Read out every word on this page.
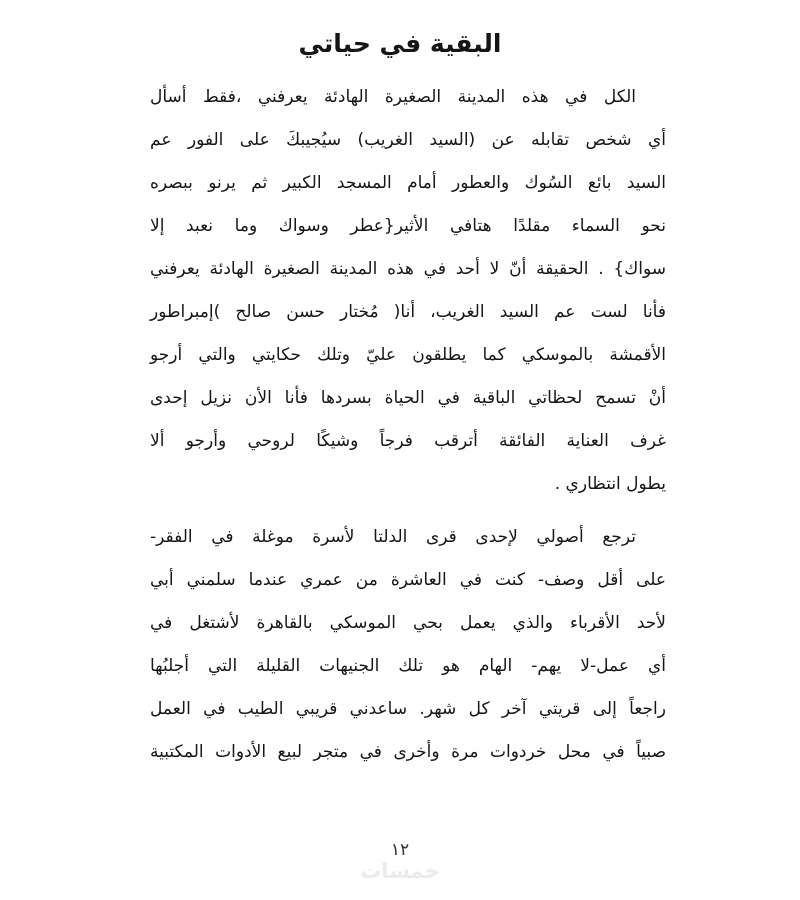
البقية في حياتي
الكل في هذه المدينة الصغيرة الهادئة يعرفني ،فقط أسأل
أي شخص تقابله عن (السيد الغريب) سيُجيبكَ على الفور عم
السيد بائع السُوك والعطور أمام المسجد الكبير ثم يرنو ببصره
نحو السماء مقلدًا هتافي الأثير{عطر وسواك وما نعبد إلا
سواك} . الحقيقة أنّ لا أحد في هذه المدينة الصغيرة الهادئة يعرفني
فأنا لست عم السيد الغريب، أنا( مُختار حسن صالح )إمبراطور
الأقمشة بالموسكي كما يطلقون عليّ وتلك حكايتي والتي أرجو
أنْ تسمح لحظاتي الباقية في الحياة بسردها فأنا الأن نزيل إحدى
غرف العناية الفائقة أترقب فرجاً وشيكًا لروحي وأرجو ألا
يطول انتظاري .
ترجع أصولي لإحدى قرى الدلتا لأسرة موغلة في الفقر-
على أقل وصف- كنت في العاشرة من عمري عندما سلمني أبي
لأحد الأقرباء والذي يعمل بحي الموسكي بالقاهرة لأشتغل في
أي عمل-لا يهم- الهام هو تلك الجنيهات القليلة التي أجلبُها
راجعاً إلى قريتي آخر كل شهر. ساعدني قريبي الطيب في العمل
صبياً في محل خردوات مرة وأخرى في متجر لبيع الأدوات المكتبية
١٢
خمسات
